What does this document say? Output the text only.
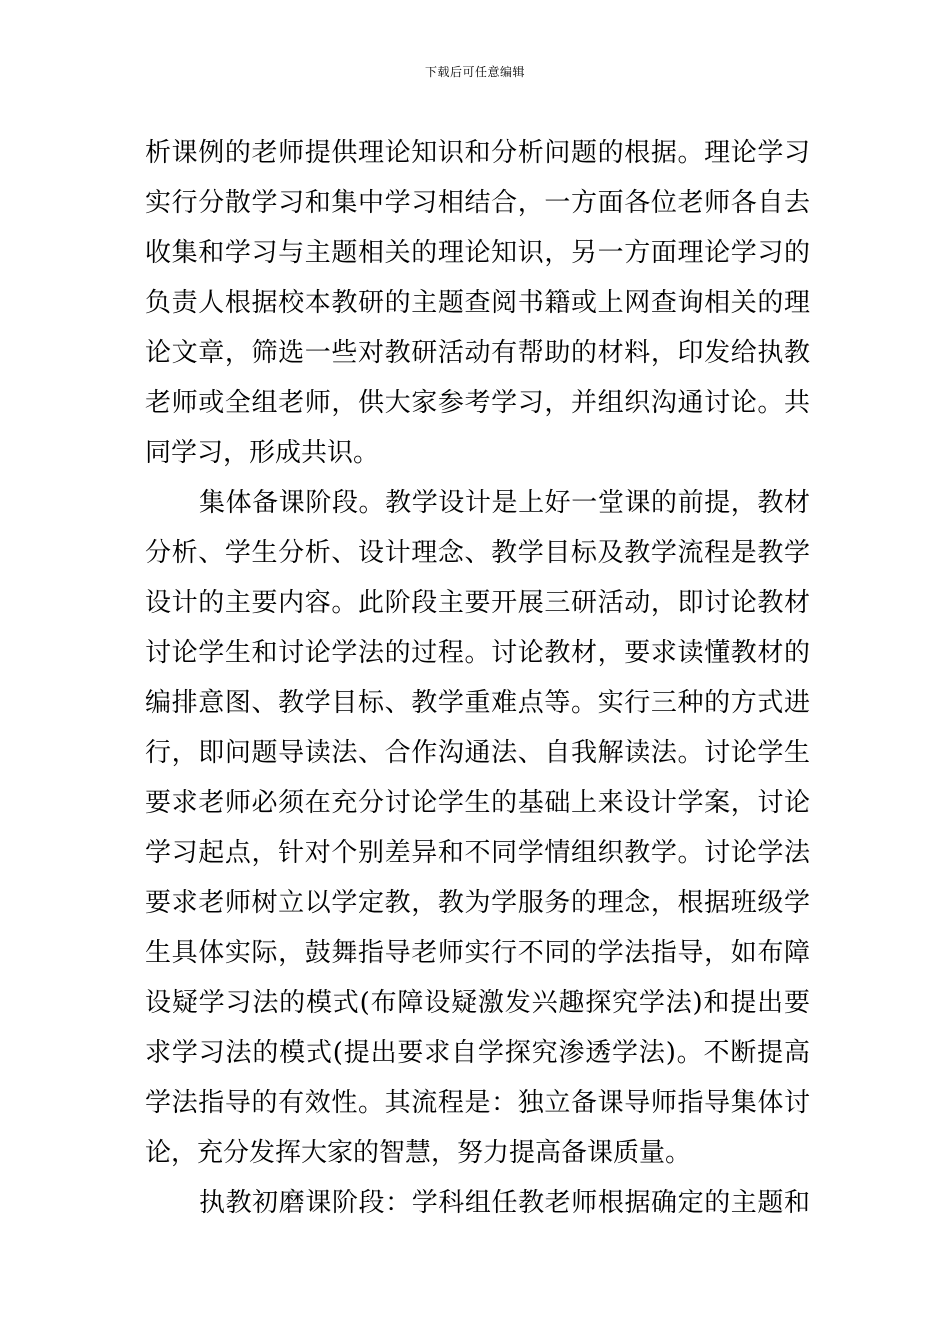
下载后可任意编辑
析课例的老师提供理论知识和分析问题的根据。理论学习
实行分散学习和集中学习相结合，一方面各位老师各自去
收集和学习与主题相关的理论知识，另一方面理论学习的
负责人根据校本教研的主题查阅书籍或上网查询相关的理
论文章，筛选一些对教研活动有帮助的材料，印发给执教
老师或全组老师，供大家参考学习，并组织沟通讨论。共
同学习，形成共识。
集体备课阶段。教学设计是上好一堂课的前提，教材
分析、学生分析、设计理念、教学目标及教学流程是教学
设计的主要内容。此阶段主要开展三研活动，即讨论教材
讨论学生和讨论学法的过程。讨论教材，要求读懂教材的
编排意图、教学目标、教学重难点等。实行三种的方式进
行，即问题导读法、合作沟通法、自我解读法。讨论学生
要求老师必须在充分讨论学生的基础上来设计学案，讨论
学习起点，针对个别差异和不同学情组织教学。讨论学法
要求老师树立以学定教，教为学服务的理念，根据班级学
生具体实际，鼓舞指导老师实行不同的学法指导，如布障
设疑学习法的模式(布障设疑激发兴趣探究学法)和提出要
求学习法的模式(提出要求自学探究渗透学法)。不断提高
学法指导的有效性。其流程是：独立备课导师指导集体讨
论，充分发挥大家的智慧，努力提高备课质量。
执教初磨课阶段：学科组任教老师根据确定的主题和
